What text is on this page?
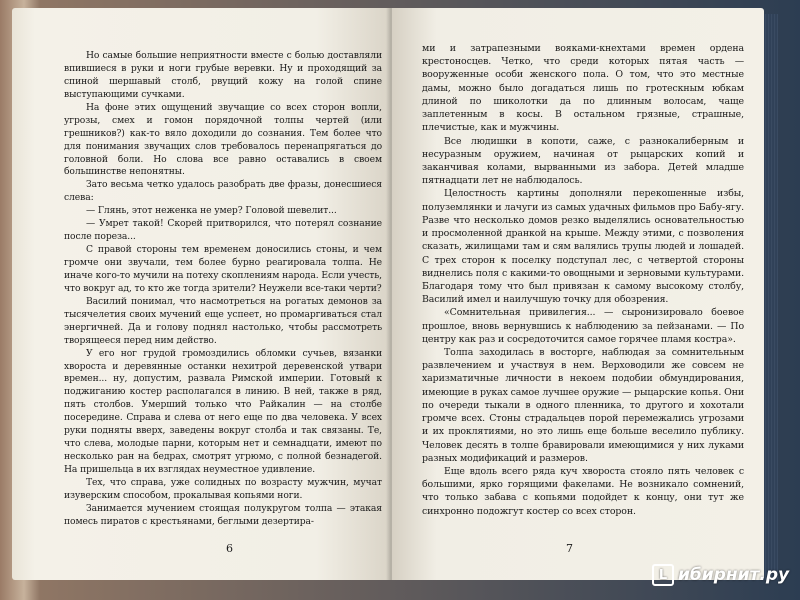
Но самые большие неприятности вместе с болью доставляли впившиеся в руки и ноги грубые веревки. Ну и проходящий за спиной шершавый столб, рвущий кожу на голой спине выступающими сучками.

На фоне этих ощущений звучащие со всех сторон вопли, угрозы, смех и гомон порядочной толпы чертей (или грешников?) как-то вяло доходили до сознания. Тем более что для понимания звучащих слов требовалось перенапрягаться до головной боли. Но слова все равно оставались в своем большинстве непонятны.

Зато весьма четко удалось разобрать две фразы, донесшиеся слева:

— Глянь, этот неженка не умер? Головой шевелит...

— Умрет такой! Скорей притворился, что потерял сознание после пореза...

С правой стороны тем временем доносились стоны, и чем громче они звучали, тем более бурно реагировала толпа. Не иначе кого-то мучили на потеху скоплениям народа. Если учесть, что вокруг ад, то кто же тогда зрители? Неужели все-таки черти?

Василий понимал, что насмотреться на рогатых демонов за тысячелетия своих мучений еще успеет, но промаргиваться стал энергичней. Да и голову поднял настолько, чтобы рассмотреть творящееся перед ним действо.

У его ног грудой громоздились обломки сучьев, вязанки хвороста и деревянные останки нехитрой деревенской утвари времен... ну, допустим, развала Римской империи. Готовый к поджиганию костер располагался в линию. В ней, также в ряд, пять столбов. Умерший только что Райкалин — на столбе посередине. Справа и слева от него еще по два человека. У всех руки подняты вверх, заведены вокруг столба и так связаны. Те, что слева, молодые парни, которым нет и семнадцати, имеют по несколько ран на бедрах, смотрят угрюмо, с полной безнадегой. На пришельца в их взглядах неуместное удивление.

Тех, что справа, уже солидных по возрасту мужчин, мучат изуверским способом, прокалывая копьями ноги.

Занимается мучением стоящая полукругом толпа — этакая помесь пиратов с крестьянами, беглыми дезертира-

6

ми и затрапезными вояками-кнехтами времен ордена крестоносцев. Четко, что среди которых пятая часть — вооруженные особи женского пола. О том, что это местные дамы, можно было догадаться лишь по гротескным юбкам длиной по шиколотки да по длинным волосам, чаще заплетенным в косы. В остальном грязные, страшные, плечистые, как и мужчины.

Все людишки в копоти, саже, с разнокалиберным и несуразным оружием, начиная от рыцарских копий и заканчивая колами, вырванными из забора. Детей младше пятнадцати лет не наблюдалось.

Целостность картины дополняли перекошенные избы, полуземлянки и лачуги из самых удачных фильмов про Бабу-ягу. Разве что несколько домов резко выделялись основательностью и просмоленной дранкой на крыше. Между этими, с позволения сказать, жилищами там и сям валялись трупы людей и лошадей. С трех сторон к поселку подступал лес, с четвертой стороны виднелись поля с какими-то овощными и зерновыми культурами. Благодаря тому что был привязан к самому высокому столбу, Василий имел и наилучшую точку для обозрения.

«Сомнительная привилегия... — сыронизировало боевое прошлое, вновь вернувшись к наблюдению за пейзанами. — По центру как раз и сосредоточится самое горячее пламя костра».

Толпа заходилась в восторге, наблюдая за сомнительным развлечением и участвуя в нем. Верховодили же совсем не харизматичные личности в некоем подобии обмундирования, имеющие в руках самое лучшее оружие — рыцарские копья. Они по очереди тыкали в одного пленника, то другого и хохотали громче всех. Стоны страдальцев порой перемежались угрозами и их проклятиями, но это лишь еще больше веселило публику. Человек десять в толпе бравировали имеющимися у них луками разных модификаций и размеров.

Еще вдоль всего ряда куч хвороста стояло пять человек с большими, ярко горящими факелами. Не возникало сомнений, что только забава с копьями подойдет к концу, они тут же синхронно подожгут костер со всех сторон.

7
L ибирнит.ру
